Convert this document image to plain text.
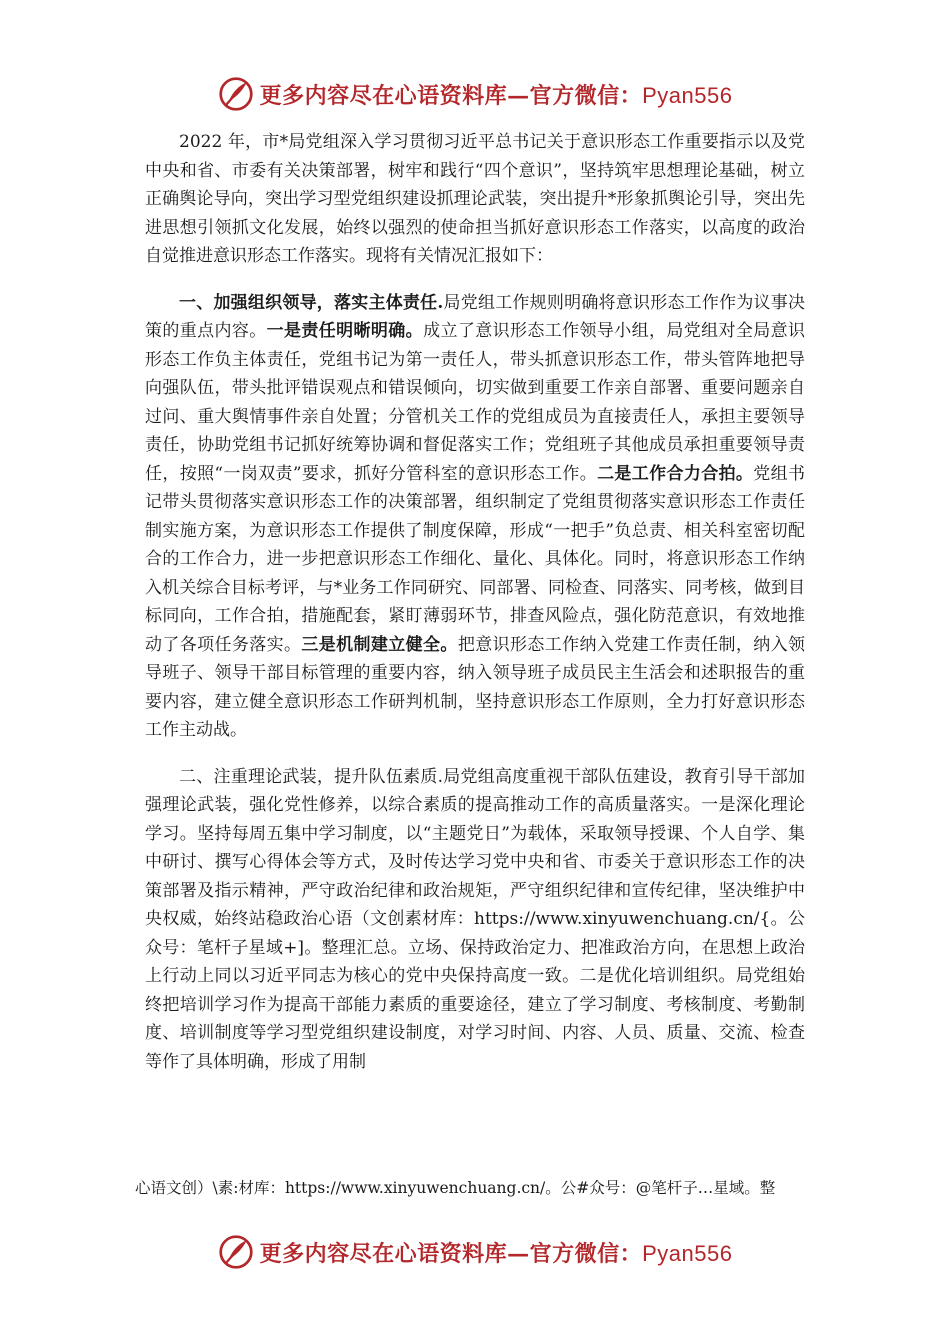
更多内容尽在心语资料库—官方微信：Pyan556

2022 年，市*局党组深入学习贯彻习近平总书记关于意识形态工作重要指示以及党中央和省、市委有关决策部署，树牢和践行“四个意识”，坚持筑牢思想理论基础，树立正确舆论导向，突出学习型党组织建设抓理论武装，突出提升*形象抓舆论引导，突出先进思想引领抓文化发展，始终以强烈的使命担当抓好意识形态工作落实，以高度的政治自觉推进意识形态工作落实。现将有关情况汇报如下：

一、加强组织领导，落实主体责任.局党组工作规则明确将意识形态工作作为议事决策的重点内容。一是责任明晰明确。成立了意识形态工作领导小组，局党组对全局意识形态工作负主体责任，党组书记为第一责任人，带头抓意识形态工作，带头管阵地把导向强队伍，带头批评错误观点和错误倾向，切实做到重要工作亲自部署、重要问题亲自过问、重大舆情事件亲自处置；分管机关工作的党组成员为直接责任人，承担主要领导责任，协助党组书记抓好统筹协调和督促落实工作；党组班子其他成员承担重要领导责任，按照“一岗双责”要求，抓好分管科室的意识形态工作。二是工作合力合拍。党组书记带头贯彻落实意识形态工作的决策部署，组织制定了党组贯彻落实意识形态工作责任制实施方案，为意识形态工作提供了制度保障，形成“一把手”负总责、相关科室密切配合的工作合力，进一步把意识形态工作细化、量化、具体化。同时，将意识形态工作纳入机关综合目标考评，与*业务工作同研究、同部署、同检查、同落实、同考核，做到目标同向，工作合拍，措施配套，紧盯薄弱环节，排查风险点，强化防范意识，有效地推动了各项任务落实。三是机制建立健全。把意识形态工作纳入党建工作责任制，纳入领导班子、领导干部目标管理的重要内容，纳入领导班子成员民主生活会和述职报告的重要内容，建立健全意识形态工作研判机制，坚持意识形态工作原则，全力打好意识形态工作主动战。

二、注重理论武装，提升队伍素质.局党组高度重视干部队伍建设，教育引导干部加强理论武装，强化党性修养，以综合素质的提高推动工作的高质量落实。一是深化理论学习。坚持每周五集中学习制度，以“主题党日”为载体，采取领导授课、个人自学、集中研讨、撰写心得体会等方式，及时传达学习党中央和省、市委关于意识形态工作的决策部署及指示精神，严守政治纪律和政治规矩，严守组织纪律和宣传纪律，坚决维护中央权威，始终站稳政治心语（文创素材库：https://www.xinyuwenchuang.cn/{。公众号：笔杆子星域+]。整理汇总。立场、保持政治定力、把准政治方向，在思想上政治上行动上同以习近平同志为核心的党中央保持高度一致。二是优化培训组织。局党组始终把培训学习作为提高干部能力素质的重要途径，建立了学习制度、考核制度、考勤制度、培训制度等学习型党组织建设制度，对学习时间、内容、人员、质量、交流、检查等作了具体明确，形成了用制

心语文创）\素:材库：https://www.xinyuwenchuang.cn/。公#众号：@笔杆子…星域。整
更多内容尽在心语资料库—官方微信：Pyan556
